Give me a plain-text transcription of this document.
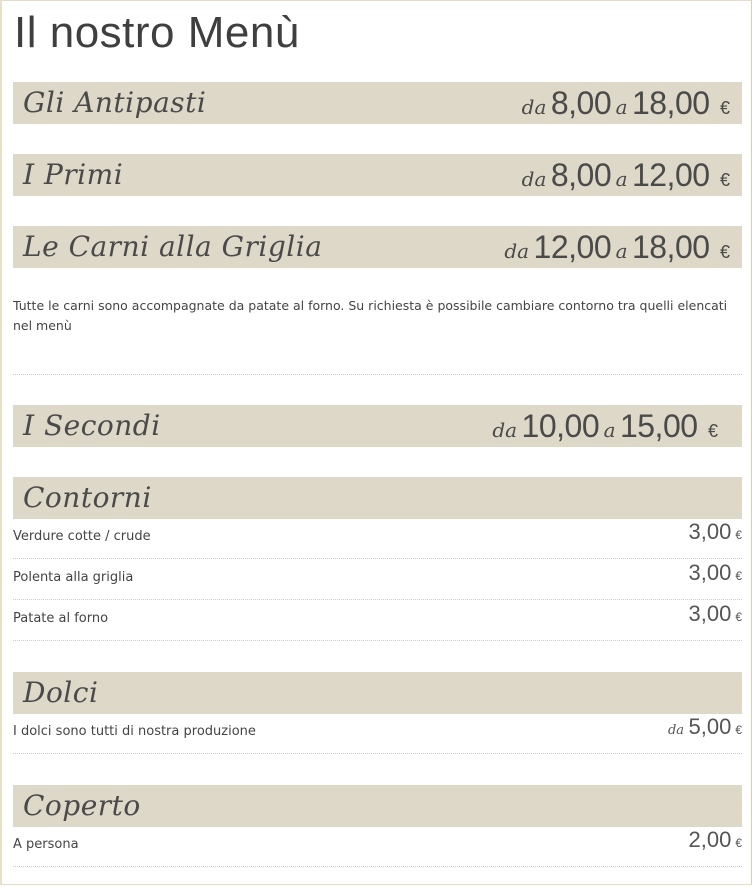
Il nostro Menù
Gli Antipasti	da 8,00 a 18,00 €
I Primi	da 8,00 a 12,00 €
Le Carni alla Griglia	da 12,00 a 18,00 €
Tutte le carni sono accompagnate da patate al forno. Su richiesta è possibile cambiare contorno tra quelli elencati nel menù
I Secondi	da 10,00 a 15,00 €
Contorni
Verdure cotte / crude	3,00 €
Polenta alla griglia	3,00 €
Patate al forno	3,00 €
Dolci
I dolci sono tutti di nostra produzione	da 5,00 €
Coperto
A persona	2,00 €
